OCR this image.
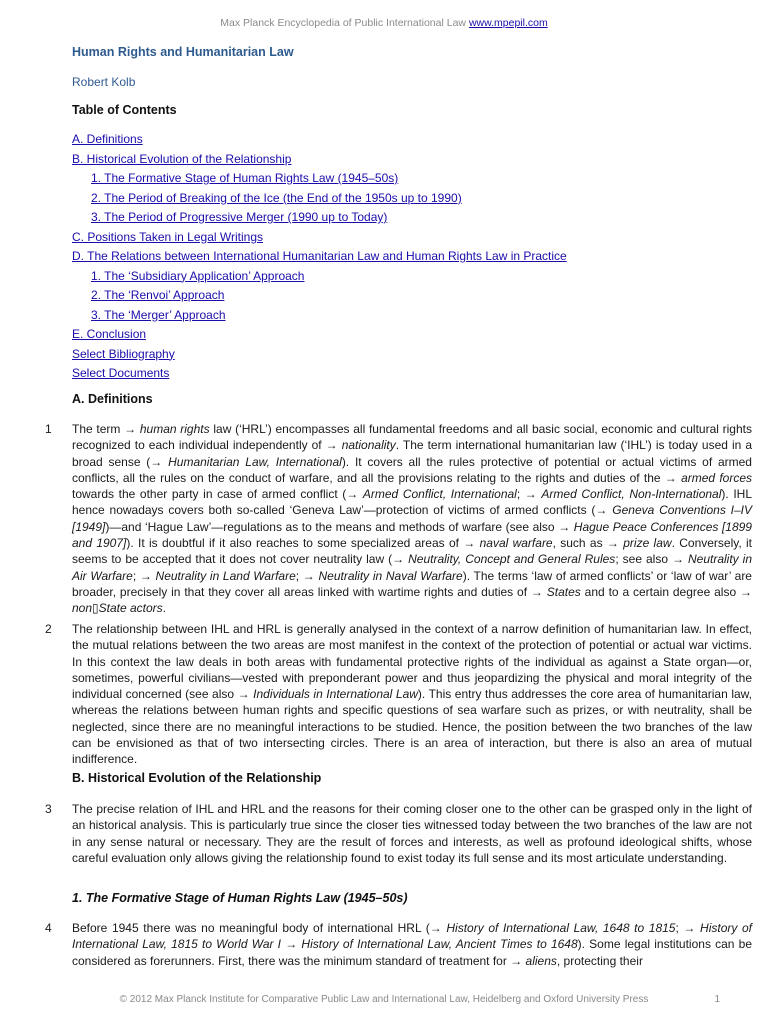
Max Planck Encyclopedia of Public International Law www.mpepil.com
Human Rights and Humanitarian Law
Robert Kolb
Table of Contents
A. Definitions
B. Historical Evolution of the Relationship
1. The Formative Stage of Human Rights Law (1945–50s)
2. The Period of Breaking of the Ice (the End of the 1950s up to 1990)
3. The Period of Progressive Merger (1990 up to Today)
C. Positions Taken in Legal Writings
D. The Relations between International Humanitarian Law and Human Rights Law in Practice
1. The ‘Subsidiary Application’ Approach
2. The ‘Renvoi’ Approach
3. The ‘Merger’ Approach
E. Conclusion
Select Bibliography
Select Documents
A. Definitions
1 The term → human rights law (‘HRL’) encompasses all fundamental freedoms and all basic social, economic and cultural rights recognized to each individual independently of → nationality. The term international humanitarian law (‘IHL’) is today used in a broad sense (→ Humanitarian Law, International). It covers all the rules protective of potential or actual victims of armed conflicts, all the rules on the conduct of warfare, and all the provisions relating to the rights and duties of the → armed forces towards the other party in case of armed conflict (→ Armed Conflict, International; → Armed Conflict, Non-International). IHL hence nowadays covers both so-called ‘Geneva Law’—protection of victims of armed conflicts (→ Geneva Conventions I–IV [1949])—and ‘Hague Law’—regulations as to the means and methods of warfare (see also → Hague Peace Conferences [1899 and 1907]). It is doubtful if it also reaches to some specialized areas of → naval warfare, such as → prize law. Conversely, it seems to be accepted that it does not cover neutrality law (→ Neutrality, Concept and General Rules; see also → Neutrality in Air Warfare; → Neutrality in Land Warfare; → Neutrality in Naval Warfare). The terms ‘law of armed conflicts’ or ‘law of war’ are broader, precisely in that they cover all areas linked with wartime rights and duties of → States and to a certain degree also → non▯State actors.

2 The relationship between IHL and HRL is generally analysed in the context of a narrow definition of humanitarian law. In effect, the mutual relations between the two areas are most manifest in the context of the protection of potential or actual war victims. In this context the law deals in both areas with fundamental protective rights of the individual as against a State organ—or, sometimes, powerful civilians—vested with preponderant power and thus jeopardizing the physical and moral integrity of the individual concerned (see also → Individuals in International Law). This entry thus addresses the core area of humanitarian law, whereas the relations between human rights and specific questions of sea warfare such as prizes, or with neutrality, shall be neglected, since there are no meaningful interactions to be studied. Hence, the position between the two branches of the law can be envisioned as that of two intersecting circles. There is an area of interaction, but there is also an area of mutual indifference.

B. Historical Evolution of the Relationship
3 The precise relation of IHL and HRL and the reasons for their coming closer one to the other can be grasped only in the light of an historical analysis. This is particularly true since the closer ties witnessed today between the two branches of the law are not in any sense natural or necessary. They are the result of forces and interests, as well as profound ideological shifts, whose careful evaluation only allows giving the relationship found to exist today its full sense and its most articulate understanding.

1. The Formative Stage of Human Rights Law (1945–50s)
4 Before 1945 there was no meaningful body of international HRL (→ History of International Law, 1648 to 1815; → History of International Law, 1815 to World War I → History of International Law, Ancient Times to 1648). Some legal institutions can be considered as forerunners. First, there was the minimum standard of treatment for → aliens, protecting their

© 2012 Max Planck Institute for Comparative Public Law and International Law, Heidelberg and Oxford University Press	1
